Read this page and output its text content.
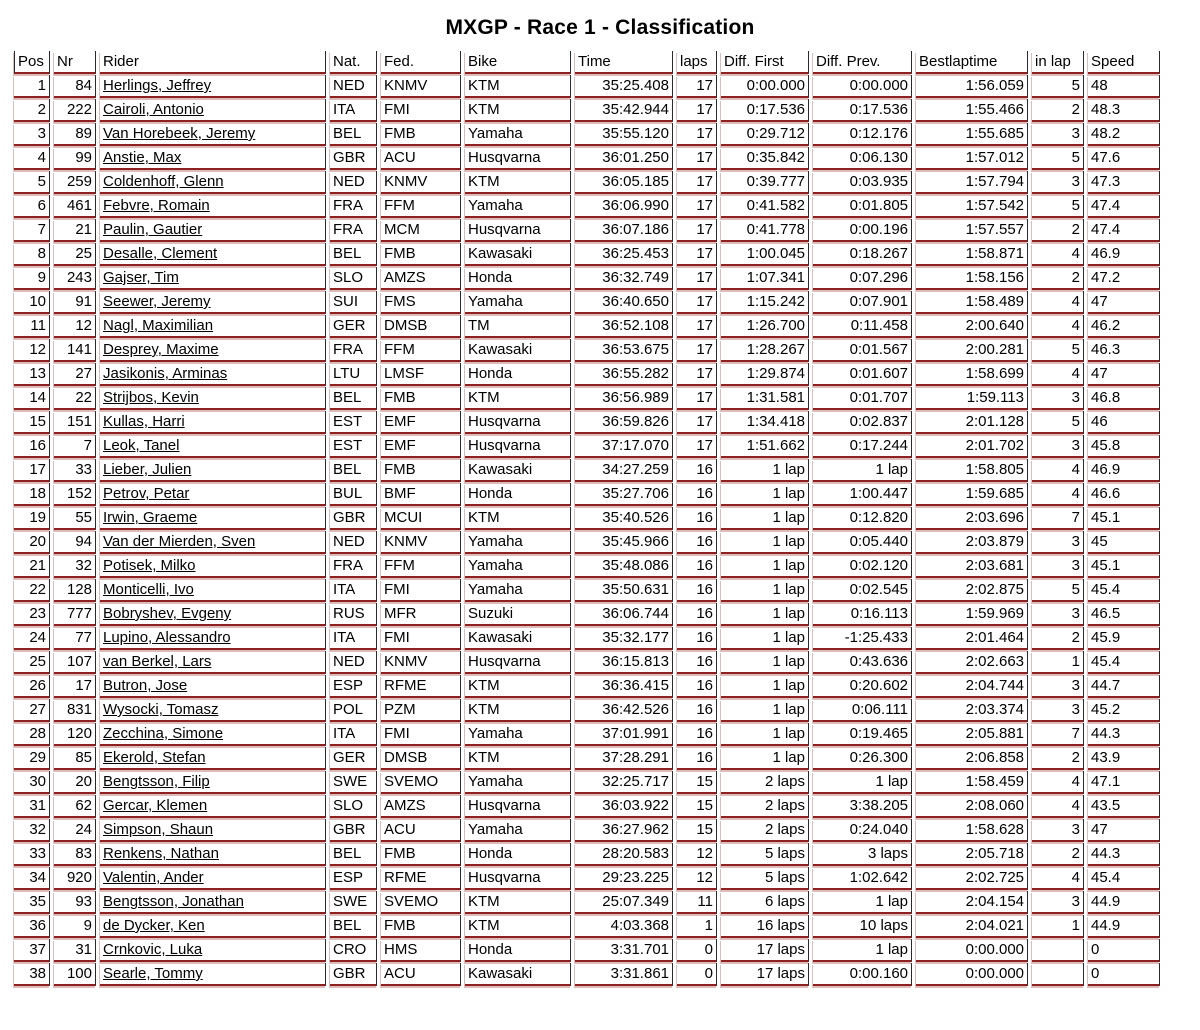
MXGP - Race 1 - Classification
Pos	Nr	Rider	Nat.	Fed.	Bike	Time	laps	Diff. First	Diff. Prev.	Bestlaptime	in lap	Speed
1	84	Herlings, Jeffrey	NED	KNMV	KTM	35:25.408	17	0:00.000	0:00.000	1:56.059	5	48
2	222	Cairoli, Antonio	ITA	FMI	KTM	35:42.944	17	0:17.536	0:17.536	1:55.466	2	48.3
3	89	Van Horebeek, Jeremy	BEL	FMB	Yamaha	35:55.120	17	0:29.712	0:12.176	1:55.685	3	48.2
4	99	Anstie, Max	GBR	ACU	Husqvarna	36:01.250	17	0:35.842	0:06.130	1:57.012	5	47.6
5	259	Coldenhoff, Glenn	NED	KNMV	KTM	36:05.185	17	0:39.777	0:03.935	1:57.794	3	47.3
6	461	Febvre, Romain	FRA	FFM	Yamaha	36:06.990	17	0:41.582	0:01.805	1:57.542	5	47.4
7	21	Paulin, Gautier	FRA	MCM	Husqvarna	36:07.186	17	0:41.778	0:00.196	1:57.557	2	47.4
8	25	Desalle, Clement	BEL	FMB	Kawasaki	36:25.453	17	1:00.045	0:18.267	1:58.871	4	46.9
9	243	Gajser, Tim	SLO	AMZS	Honda	36:32.749	17	1:07.341	0:07.296	1:58.156	2	47.2
10	91	Seewer, Jeremy	SUI	FMS	Yamaha	36:40.650	17	1:15.242	0:07.901	1:58.489	4	47
11	12	Nagl, Maximilian	GER	DMSB	TM	36:52.108	17	1:26.700	0:11.458	2:00.640	4	46.2
12	141	Desprey, Maxime	FRA	FFM	Kawasaki	36:53.675	17	1:28.267	0:01.567	2:00.281	5	46.3
13	27	Jasikonis, Arminas	LTU	LMSF	Honda	36:55.282	17	1:29.874	0:01.607	1:58.699	4	47
14	22	Strijbos, Kevin	BEL	FMB	KTM	36:56.989	17	1:31.581	0:01.707	1:59.113	3	46.8
15	151	Kullas, Harri	EST	EMF	Husqvarna	36:59.826	17	1:34.418	0:02.837	2:01.128	5	46
16	7	Leok, Tanel	EST	EMF	Husqvarna	37:17.070	17	1:51.662	0:17.244	2:01.702	3	45.8
17	33	Lieber, Julien	BEL	FMB	Kawasaki	34:27.259	16	1 lap	1 lap	1:58.805	4	46.9
18	152	Petrov, Petar	BUL	BMF	Honda	35:27.706	16	1 lap	1:00.447	1:59.685	4	46.6
19	55	Irwin, Graeme	GBR	MCUI	KTM	35:40.526	16	1 lap	0:12.820	2:03.696	7	45.1
20	94	Van der Mierden, Sven	NED	KNMV	Yamaha	35:45.966	16	1 lap	0:05.440	2:03.879	3	45
21	32	Potisek, Milko	FRA	FFM	Yamaha	35:48.086	16	1 lap	0:02.120	2:03.681	3	45.1
22	128	Monticelli, Ivo	ITA	FMI	Yamaha	35:50.631	16	1 lap	0:02.545	2:02.875	5	45.4
23	777	Bobryshev, Evgeny	RUS	MFR	Suzuki	36:06.744	16	1 lap	0:16.113	1:59.969	3	46.5
24	77	Lupino, Alessandro	ITA	FMI	Kawasaki	35:32.177	16	1 lap	-1:25.433	2:01.464	2	45.9
25	107	van Berkel, Lars	NED	KNMV	Husqvarna	36:15.813	16	1 lap	0:43.636	2:02.663	1	45.4
26	17	Butron, Jose	ESP	RFME	KTM	36:36.415	16	1 lap	0:20.602	2:04.744	3	44.7
27	831	Wysocki, Tomasz	POL	PZM	KTM	36:42.526	16	1 lap	0:06.111	2:03.374	3	45.2
28	120	Zecchina, Simone	ITA	FMI	Yamaha	37:01.991	16	1 lap	0:19.465	2:05.881	7	44.3
29	85	Ekerold, Stefan	GER	DMSB	KTM	37:28.291	16	1 lap	0:26.300	2:06.858	2	43.9
30	20	Bengtsson, Filip	SWE	SVEMO	Yamaha	32:25.717	15	2 laps	1 lap	1:58.459	4	47.1
31	62	Gercar, Klemen	SLO	AMZS	Husqvarna	36:03.922	15	2 laps	3:38.205	2:08.060	4	43.5
32	24	Simpson, Shaun	GBR	ACU	Yamaha	36:27.962	15	2 laps	0:24.040	1:58.628	3	47
33	83	Renkens, Nathan	BEL	FMB	Honda	28:20.583	12	5 laps	3 laps	2:05.718	2	44.3
34	920	Valentin, Ander	ESP	RFME	Husqvarna	29:23.225	12	5 laps	1:02.642	2:02.725	4	45.4
35	93	Bengtsson, Jonathan	SWE	SVEMO	KTM	25:07.349	11	6 laps	1 lap	2:04.154	3	44.9
36	9	de Dycker, Ken	BEL	FMB	KTM	4:03.368	1	16 laps	10 laps	2:04.021	1	44.9
37	31	Crnkovic, Luka	CRO	HMS	Honda	3:31.701	0	17 laps	1 lap	0:00.000		0
38	100	Searle, Tommy	GBR	ACU	Kawasaki	3:31.861	0	17 laps	0:00.160	0:00.000		0
